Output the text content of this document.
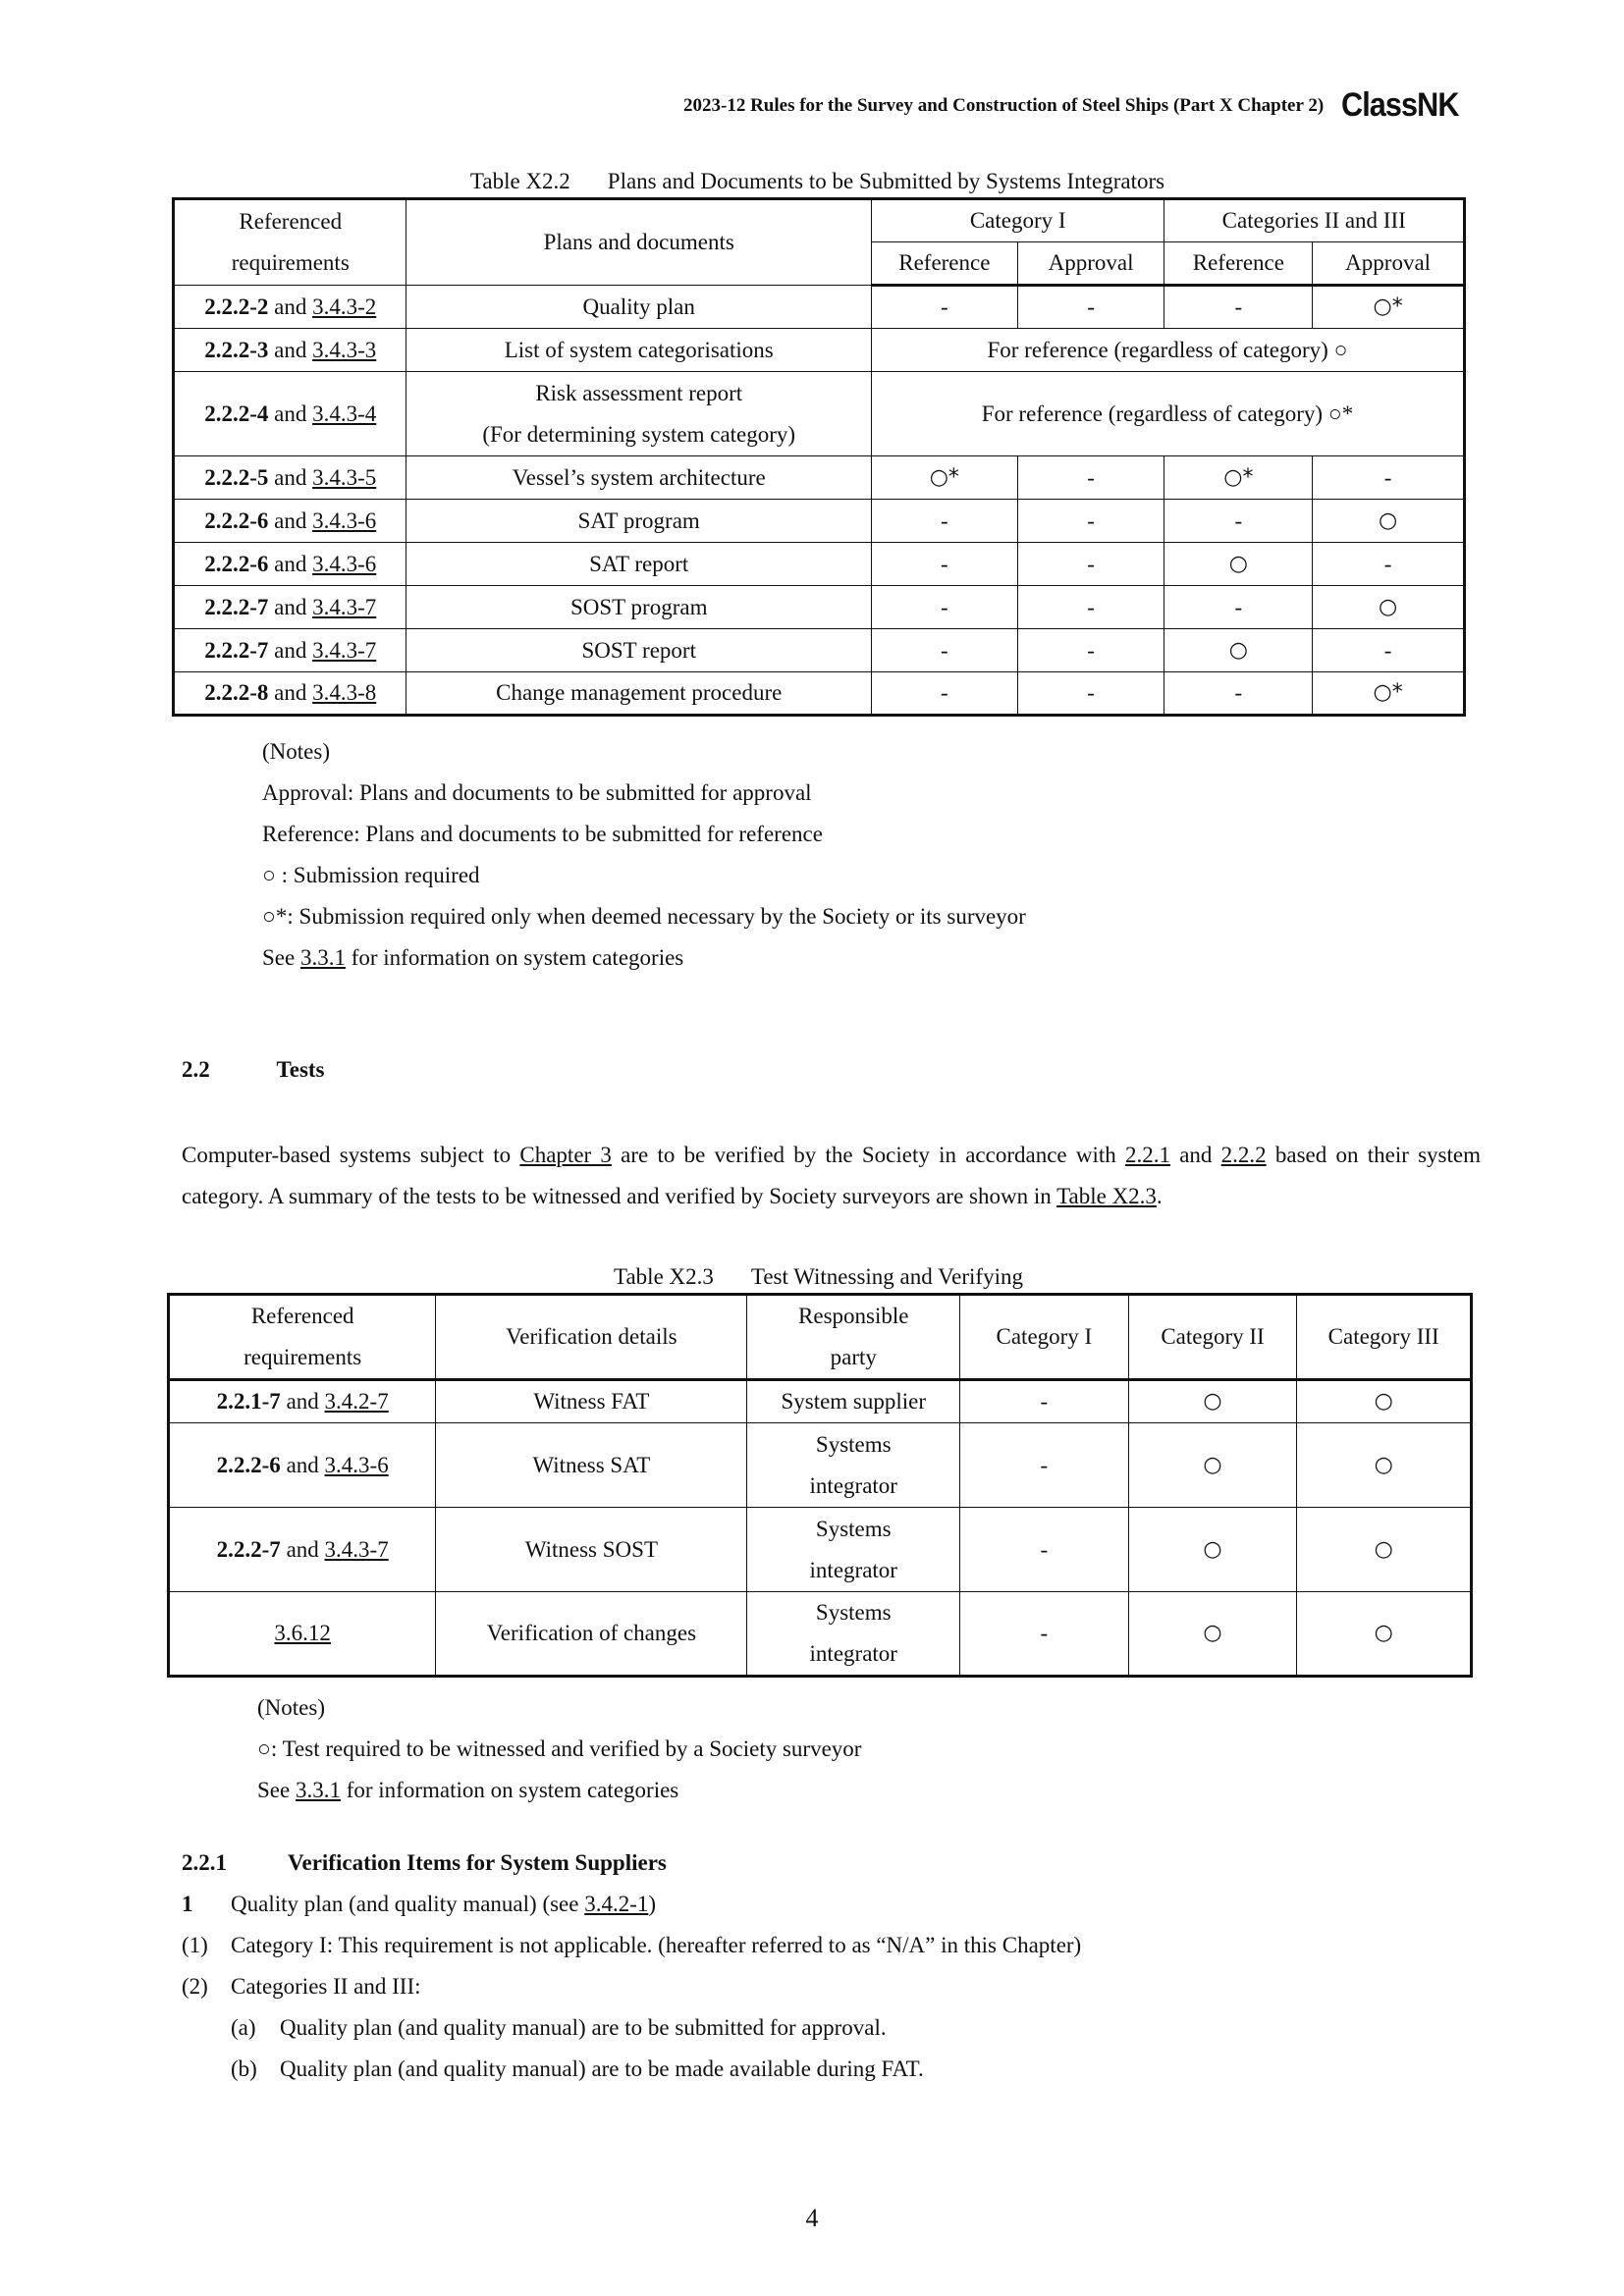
2023-12 Rules for the Survey and Construction of Steel Ships (Part X Chapter 2) ClassNK
Table X2.2 Plans and Documents to be Submitted by Systems Integrators
Referenced
requirements	Plans and documents	Category I		Categories II and III	
		Reference	Approval	Reference	Approval
2.2.2-2 and 3.4.3-2	Quality plan	-	-	-	○*
2.2.2-3 and 3.4.3-3	List of system categorisations	For reference (regardless of category) ○			
2.2.2-4 and 3.4.3-4	Risk assessment report
(For determining system category)	For reference (regardless of category) ○*			
2.2.2-5 and 3.4.3-5	Vessel’s system architecture	○*	-	○*	-
2.2.2-6 and 3.4.3-6	SAT program	-	-	-	○
2.2.2-6 and 3.4.3-6	SAT report	-	-	○	-
2.2.2-7 and 3.4.3-7	SOST program	-	-	-	○
2.2.2-7 and 3.4.3-7	SOST report	-	-	○	-
2.2.2-8 and 3.4.3-8	Change management procedure	-	-	-	○*
(Notes)
Approval: Plans and documents to be submitted for approval
Reference: Plans and documents to be submitted for reference
○ : Submission required
○*: Submission required only when deemed necessary by the Society or its surveyor
See 3.3.1 for information on system categories
2.2	Tests
Computer-based systems subject to Chapter 3 are to be verified by the Society in accordance with 2.2.1 and 2.2.2 based on their system category. A summary of the tests to be witnessed and verified by Society surveyors are shown in Table X2.3.
Table X2.3 Test Witnessing and Verifying
Referenced
requirements	Verification details	Responsible
party	Category I	Category II	Category III
2.2.1-7 and 3.4.2-7	Witness FAT	System supplier	-	○	○
2.2.2-6 and 3.4.3-6	Witness SAT	Systems
integrator	-	○	○
2.2.2-7 and 3.4.3-7	Witness SOST	Systems
integrator	-	○	○
3.6.12	Verification of changes	Systems
integrator	-	○	○
(Notes)
○: Test required to be witnessed and verified by a Society surveyor
See 3.3.1 for information on system categories
2.2.1	Verification Items for System Suppliers
1 Quality plan (and quality manual) (see 3.4.2-1)
(1) Category I: This requirement is not applicable. (hereafter referred to as “N/A” in this Chapter)
(2) Categories II and III:
(a) Quality plan (and quality manual) are to be submitted for approval.
(b) Quality plan (and quality manual) are to be made available during FAT.
4
